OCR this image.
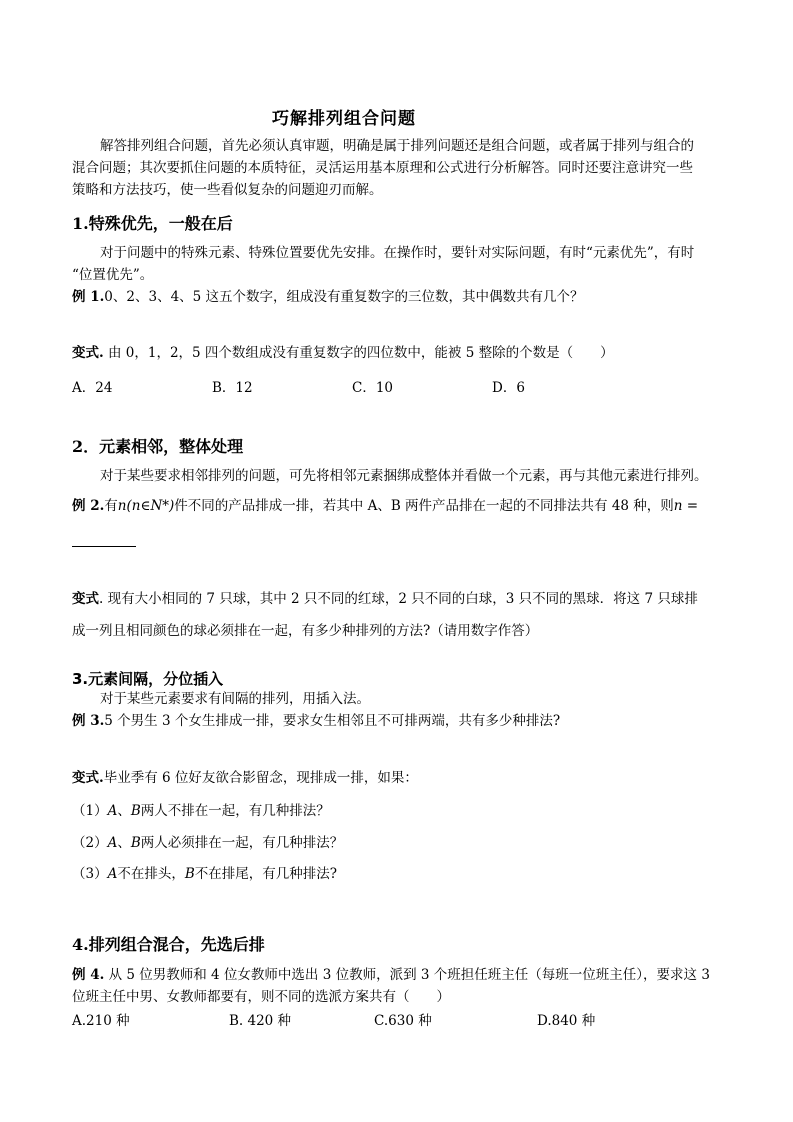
巧解排列组合问题
解答排列组合问题，首先必须认真审题，明确是属于排列问题还是组合问题，或者属于排列与组合的
混合问题；其次要抓住问题的本质特征，灵活运用基本原理和公式进行分析解答。同时还要注意讲究一些
策略和方法技巧，使一些看似复杂的问题迎刃而解。
1.特殊优先，一般在后
对于问题中的特殊元素、特殊位置要优先安排。在操作时，要针对实际问题，有时“元素优先”，有时
“位置优先”。
例 1.0、2、3、4、5 这五个数字，组成没有重复数字的三位数，其中偶数共有几个？
变式. 由 0，1，2，5 四个数组成没有重复数字的四位数中，能被 5 整除的个数是（　　）
A．24	B．12	C．10	D．6
2．元素相邻，整体处理
对于某些要求相邻排列的问题，可先将相邻元素捆绑成整体并看做一个元素，再与其他元素进行排列。
例 2.有n(n∈N*)件不同的产品排成一排，若其中 A、B 两件产品排在一起的不同排法共有 48 种，则n =
变式. 现有大小相同的 7 只球，其中 2 只不同的红球，2 只不同的白球，3 只不同的黑球．将这 7 只球排
成一列且相同颜色的球必须排在一起，有多少种排列的方法?（请用数字作答）
3.元素间隔，分位插入
对于某些元素要求有间隔的排列，用插入法。
例 3.5 个男生 3 个女生排成一排，要求女生相邻且不可排两端，共有多少种排法?
变式.毕业季有 6 位好友欲合影留念，现排成一排，如果：
（1）A、B两人不排在一起，有几种排法？
（2）A、B两人必须排在一起，有几种排法？
（3）A不在排头，B不在排尾，有几种排法?
4.排列组合混合，先选后排
例 4. 从 5 位男教师和 4 位女教师中选出 3 位教师，派到 3 个班担任班主任（每班一位班主任），要求这 3
位班主任中男、女教师都要有，则不同的选派方案共有（　　）
A.210 种	B. 420 种	C.630 种	D.840 种
